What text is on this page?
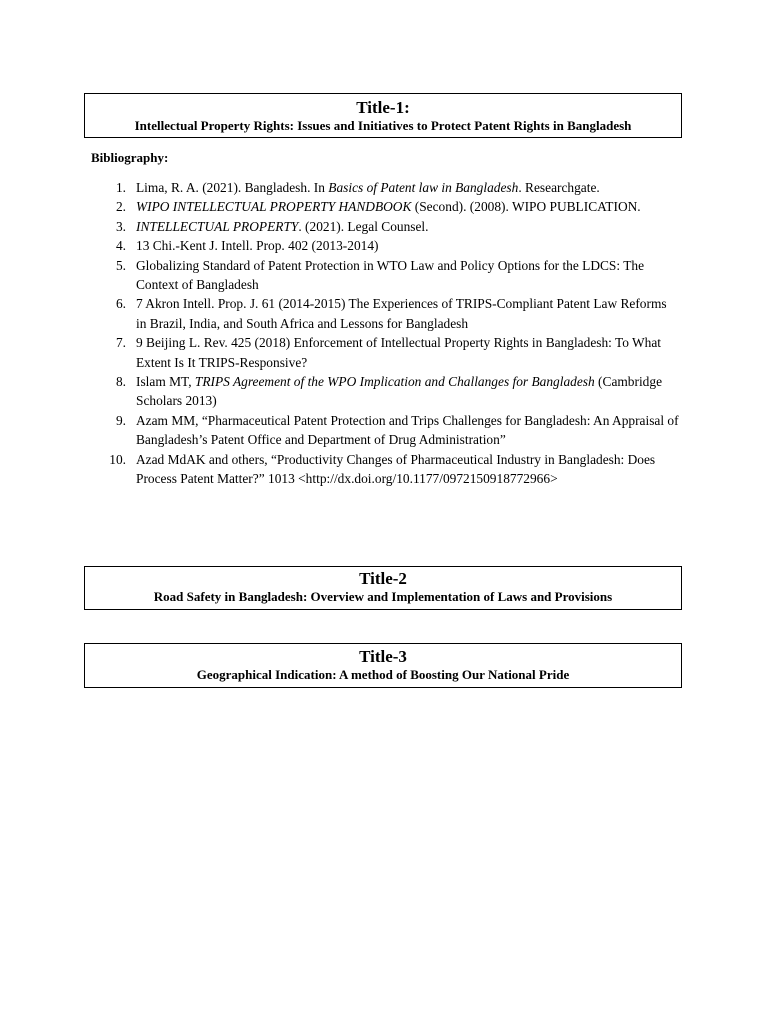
Title-1:
Intellectual Property Rights: Issues and Initiatives to Protect Patent Rights in Bangladesh
Bibliography:
1. Lima, R. A. (2021). Bangladesh. In Basics of Patent law in Bangladesh. Researchgate.
2. WIPO INTELLECTUAL PROPERTY HANDBOOK (Second). (2008). WIPO PUBLICATION.
3. INTELLECTUAL PROPERTY. (2021). Legal Counsel.
4. 13 Chi.-Kent J. Intell. Prop. 402 (2013-2014)
5. Globalizing Standard of Patent Protection in WTO Law and Policy Options for the LDCS: The Context of Bangladesh
6. 7 Akron Intell. Prop. J. 61 (2014-2015) The Experiences of TRIPS-Compliant Patent Law Reforms in Brazil, India, and South Africa and Lessons for Bangladesh
7. 9 Beijing L. Rev. 425 (2018) Enforcement of Intellectual Property Rights in Bangladesh: To What Extent Is It TRIPS-Responsive?
8. Islam MT, TRIPS Agreement of the WPO Implication and Challanges for Bangladesh (Cambridge Scholars 2013)
9. Azam MM, “Pharmaceutical Patent Protection and Trips Challenges for Bangladesh: An Appraisal of Bangladesh’s Patent Office and Department of Drug Administration”
10. Azad MdAK and others, “Productivity Changes of Pharmaceutical Industry in Bangladesh: Does Process Patent Matter?” 1013 <http://dx.doi.org/10.1177/0972150918772966>
Title-2
Road Safety in Bangladesh: Overview and Implementation of Laws and Provisions
Title-3
Geographical Indication: A method of Boosting Our National Pride
